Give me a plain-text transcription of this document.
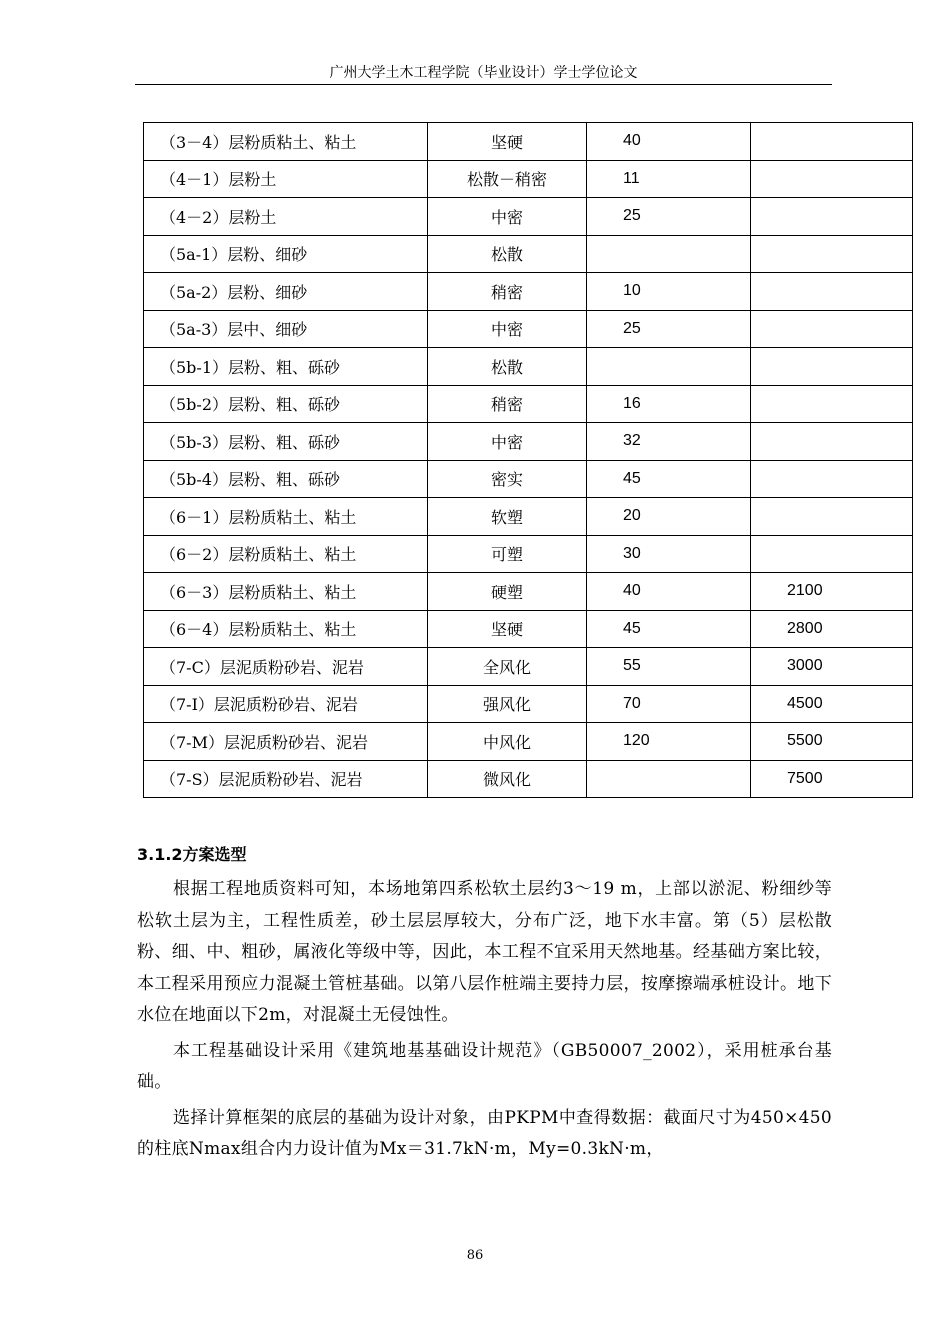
广州大学土木工程学院（毕业设计）学士学位论文
（3－4）层粉质粘土、粘土	坚硬	40	
（4－1）层粉土	松散－稍密	11	
（4－2）层粉土	中密	25	
（5a-1）层粉、细砂	松散		
（5a-2）层粉、细砂	稍密	10	
（5a-3）层中、细砂	中密	25	
（5b-1）层粉、粗、砾砂	松散		
（5b-2）层粉、粗、砾砂	稍密	16	
（5b-3）层粉、粗、砾砂	中密	32	
（5b-4）层粉、粗、砾砂	密实	45	
（6－1）层粉质粘土、粘土	软塑	20	
（6－2）层粉质粘土、粘土	可塑	30	
（6－3）层粉质粘土、粘土	硬塑	40	2100
（6－4）层粉质粘土、粘土	坚硬	45	2800
（7-C）层泥质粉砂岩、泥岩	全风化	55	3000
（7-I）层泥质粉砂岩、泥岩	强风化	70	4500
（7-M）层泥质粉砂岩、泥岩	中风化	120	5500
（7-S）层泥质粉砂岩、泥岩	微风化		7500
3.1.2方案选型

根据工程地质资料可知，本场地第四系松软土层约3～19 m，上部以淤泥、粉细纱等松软土层为主，工程性质差，砂土层层厚较大，分布广泛，地下水丰富。第（5）层松散粉、细、中、粗砂，属液化等级中等，因此，本工程不宜采用天然地基。经基础方案比较，本工程采用预应力混凝土管桩基础。以第八层作桩端主要持力层，按摩擦端承桩设计。地下水位在地面以下2m，对混凝土无侵蚀性。

本工程基础设计采用《建筑地基基础设计规范》（GB50007_2002），采用桩承台基础。

选择计算框架的底层的基础为设计对象，由PKPM中查得数据：截面尺寸为450×450的柱底Nmax组合内力设计值为Mx＝31.7kN·m，My=0.3kN·m，

86
